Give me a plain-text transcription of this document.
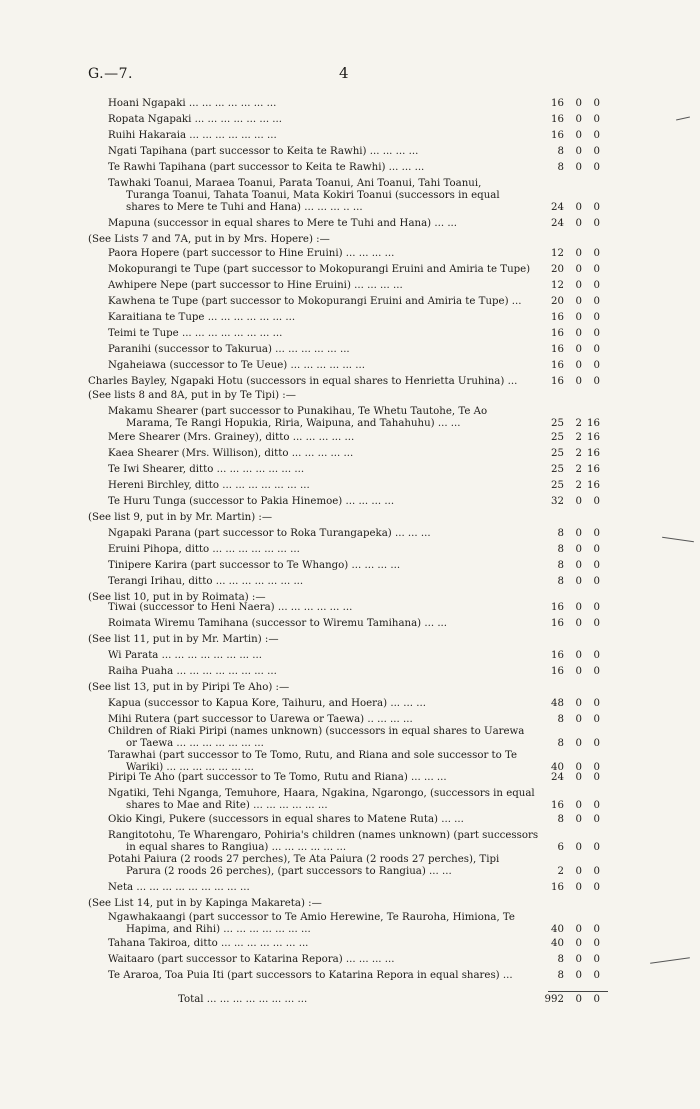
G.—7.	4
Hoani Ngapaki ... ... ... ... ... ... ...	16 0 0
Ropata Ngapaki ... ... ... ... ... ... ...	16 0 0
Ruihi Hakaraia ... ... ... ... ... ... ...	16 0 0
Ngati Tapihana (part successor to Keita te Rawhi) ... ... ... ...	8 0 0
Te Rawhi Tapihana (part successor to Keita te Rawhi) ... ... ...	8 0 0
Tawhaki Toanui, Maraea Toanui, Parata Toanui, Ani Toanui, Tahi Toanui,
Turanga Toanui, Tahata Toanui, Mata Kokiri Toanui (successors in equal
shares to Mere te Tuhi and Hana) ... ... ... .. ...	24 0 0
Mapuna (successor in equal shares to Mere te Tuhi and Hana) ... ...	24 0 0
(See Lists 7 and 7A, put in by Mrs. Hopere) :—
Paora Hopere (part successor to Hine Eruini) ... ... ... ...	12 0 0
Mokopurangi te Tupe (part successor to Mokopurangi Eruini and Amiria te Tupe)	20 0 0
Awhipere Nepe (part successor to Hine Eruini) ... ... ... ...	12 0 0
Kawhena te Tupe (part successor to Mokopurangi Eruini and Amiria te Tupe) ...	20 0 0
Karaitiana te Tupe ... ... ... ... ... ... ...	16 0 0
Teimi te Tupe ... ... ... ... ... ... ... ...	16 0 0
Paranihi (successor to Takurua) ... ... ... ... ... ...	16 0 0
Ngaheiawa (successor to Te Ueue) ... ... ... ... ... ...	16 0 0
Charles Bayley, Ngapaki Hotu (successors in equal shares to Henrietta Uruhina) ...	16 0 0
(See lists 8 and 8A, put in by Te Tipi) :—
Makamu Shearer (part successor to Punakihau, Te Whetu Tautohe, Te Ao
Marama, Te Rangi Hopukia, Riria, Waipuna, and Tahahuhu) ... ...	25 2 16
Mere Shearer (Mrs. Grainey), ditto ... ... ... ... ...	25 2 16
Kaea Shearer (Mrs. Willison), ditto ... ... ... ... ...	25 2 16
Te Iwi Shearer, ditto ... ... ... ... ... ... ...	25 2 16
Hereni Birchley, ditto ... ... ... ... ... ... ...	25 2 16
Te Huru Tunga (successor to Pakia Hinemoe) ... ... ... ...	32 0 0
(See list 9, put in by Mr. Martin) :—
Ngapaki Parana (part successor to Roka Turangapeka) ... ... ...	8 0 0
Eruini Pihopa, ditto ... ... ... ... ... ... ...	8 0 0
Tinipere Karira (part successor to Te Whango) ... ... ... ...	8 0 0
Terangi Irihau, ditto ... ... ... ... ... ... ...	8 0 0
(See list 10, put in by Roimata) :—
Tiwai (successor to Heni Naera) ... ... ... ... ... ...	16 0 0
Roimata Wiremu Tamihana (successor to Wiremu Tamihana) ... ...	16 0 0
(See list 11, put in by Mr. Martin) :—
Wi Parata ... ... ... ... ... ... ... ...	16 0 0
Raiha Puaha ... ... ... ... ... ... ... ...	16 0 0
(See list 13, put in by Piripi Te Aho) :—
Kapua (successor to Kapua Kore, Taihuru, and Hoera) ... ... ...	48 0 0
Mihi Rutera (part successor to Uarewa or Taewa) .. ... ... ...	8 0 0
Children of Riaki Piripi (names unknown) (successors in equal shares to Uarewa
or Taewa ... ... ... ... ... ... ...	8 0 0
Tarawhai (part successor to Te Tomo, Rutu, and Riana and sole successor to Te
Wariki) ... ... ... ... ... ... ...	40 0 0
Piripi Te Aho (part successor to Te Tomo, Rutu and Riana) ... ... ...	24 0 0
Ngatiki, Tehi Nganga, Temuhore, Haara, Ngakina, Ngarongo, (successors in equal
shares to Mae and Rite) ... ... ... ... ... ...	16 0 0
Okio Kingi, Pukere (successors in equal shares to Matene Ruta) ... ...	8 0 0
Rangitotohu, Te Wharengaro, Pohiria's children (names unknown) (part successors
in equal shares to Rangiua) ... ... ... ... ... ...	6 0 0
Potahi Paiura (2 roods 27 perches), Te Ata Paiura (2 roods 27 perches), Tipi
Parura (2 roods 26 perches), (part successors to Rangiua) ... ...	2 0 0
Neta ... ... ... ... ... ... ... ... ...	16 0 0
(See List 14, put in by Kapinga Makareta) :—
Ngawhakaangi (part successor to Te Amio Herewine, Te Rauroha, Himiona, Te
Hapima, and Rihi) ... ... ... ... ... ... ...	40 0 0
Tahana Takiroa, ditto ... ... ... ... ... ... ...	40 0 0
Waitaaro (part successor to Katarina Repora) ... ... ... ...	8 0 0
Te Araroa, Toa Puia Iti (part successors to Katarina Repora in equal shares) ...	8 0 0
Total ... ... ... ... ... ... ... ...	992 0 0
